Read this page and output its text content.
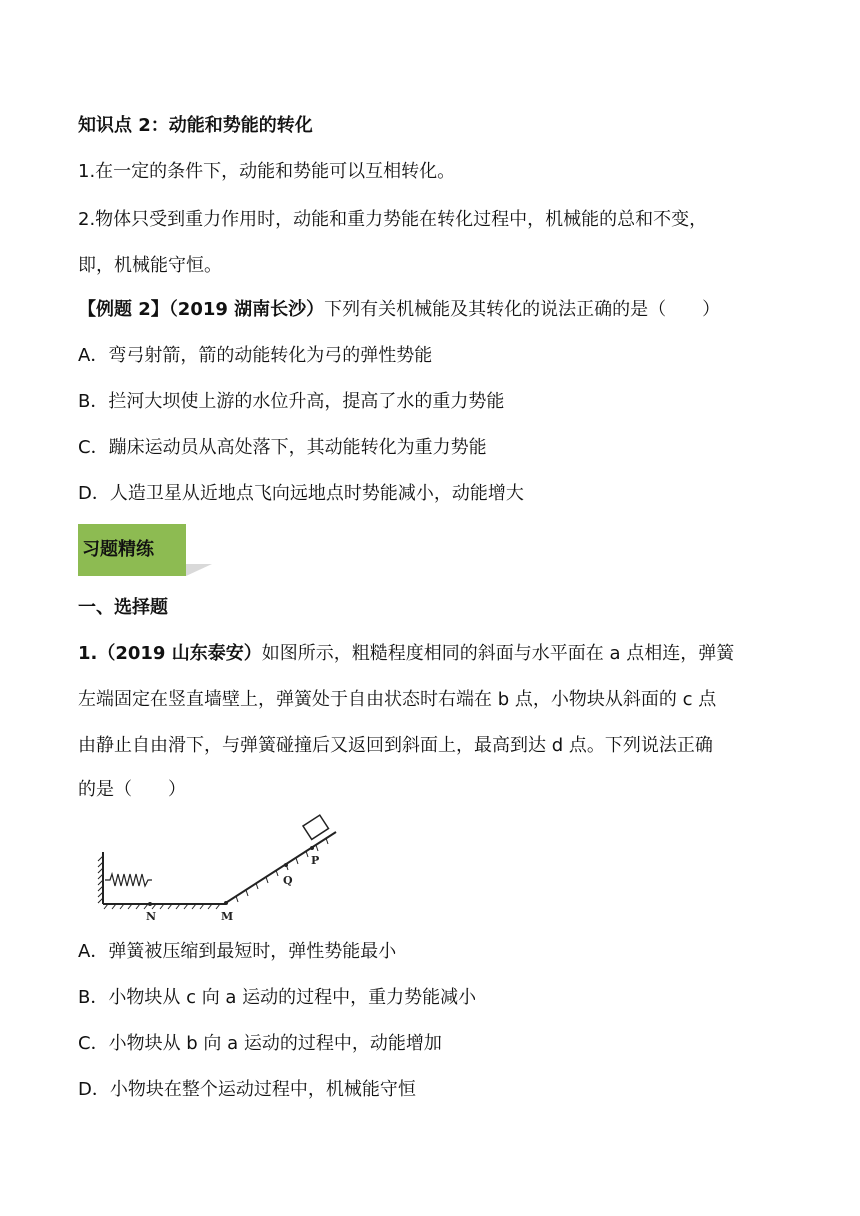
知识点 2：动能和势能的转化
1.在一定的条件下，动能和势能可以互相转化。
2.物体只受到重力作用时，动能和重力势能在转化过程中，机械能的总和不变，
即，机械能守恒。
【例题 2】（2019 湖南长沙）下列有关机械能及其转化的说法正确的是（　　）
A．弯弓射箭，箭的动能转化为弓的弹性势能
B．拦河大坝使上游的水位升高，提高了水的重力势能
C．蹦床运动员从高处落下，其动能转化为重力势能
D．人造卫星从近地点飞向远地点时势能减小，动能增大
习题精练
一、选择题
1.（2019 山东泰安）如图所示，粗糙程度相同的斜面与水平面在 a 点相连，弹簧
左端固定在竖直墙壁上，弹簧处于自由状态时右端在 b 点，小物块从斜面的 c 点
由静止自由滑下，与弹簧碰撞后又返回到斜面上，最高到达 d 点。下列说法正确
的是（　　）
N	M
Q
P
A．弹簧被压缩到最短时，弹性势能最小
B．小物块从 c 向 a 运动的过程中，重力势能减小
C．小物块从 b 向 a 运动的过程中，动能增加
D．小物块在整个运动过程中，机械能守恒
